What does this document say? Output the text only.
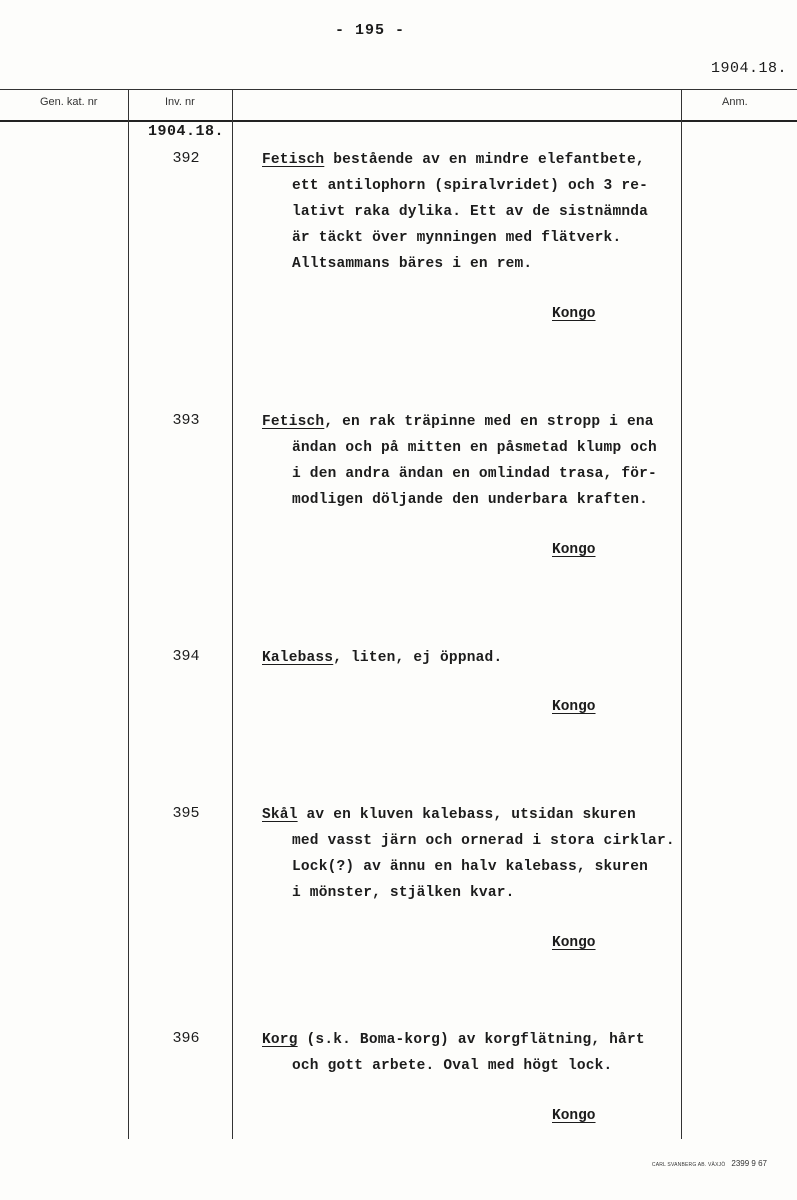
- 195 -
1904.18.
Gen. kat. nr	Inv. nr	Anm.
1904.18.
392	Fetisch bestående av en mindre elefantbete,
ett antilophorn (spiralvridet) och 3 re-
lativt raka dylika. Ett av de sistnämnda
är täckt över mynningen med flätverk.
Alltsammans bäres i en rem.
Kongo
393	Fetisch, en rak träpinne med en stropp i ena
ändan och på mitten en påsmetad klump och
i den andra ändan en omlindad trasa, för-
modligen döljande den underbara kraften.
Kongo
394	Kalebass, liten, ej öppnad.
Kongo
395	Skål av en kluven kalebass, utsidan skuren
med vasst järn och ornerad i stora cirklar.
Lock(?) av ännu en halv kalebass, skuren
i mönster, stjälken kvar.
Kongo
396	Korg (s.k. Boma-korg) av korgflätning, hårt
och gott arbete. Oval med högt lock.
Kongo
CARL SVANBERG AB. VÄXJÖ 2399 9 67
